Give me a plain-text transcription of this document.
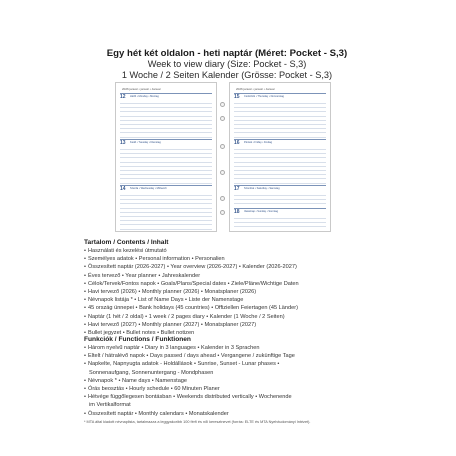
Egy hét két oldalon - heti naptár (Méret: Pocket - S,3)
Week to view diary (Size: Pocket - S,3)
1 Woche / 2 Seiten Kalender (Grösse: Pocket - S,3)
2026 január • január • Januar
12 Hétfő • Monday • Montag
13 Kedd • Tuesday • Dienstag
14 Szerda • Wednesday • Mittwoch
2026 január • január • Januar
15 Csütörtök • Thursday • Donnerstag
16 Péntek • Friday • Freitag
17 Szombat • Saturday • Samstag
18 Vasárnap • Sunday • Sonntag
Tartalom / Contents / Inhalt
• Használati és kezelési útmutató
• Személyes adatok • Personal information • Personalien
• Összesített naptár (2026-2027) • Year overview (2026-2027) • Kalender (2026-2027)
• Éves tervező • Year planner • Jahreskalender
• Célok/Tervek/Fontos napok • Goals/Plans/Special dates • Ziele/Pläne/Wichtige Daten
• Havi tervező (2026) • Monthly planner (2026) • Monatsplaner (2026)
• Névnapok listája * • List of Name Days • Liste der Namenstage
• 45 ország ünnepei • Bank holidays (45 countries) • Offiziellen Feiertagen (45 Länder)
• Naptár (1 hét / 2 oldal) • 1 week / 2 pages diary • Kalender (1 Woche / 2 Seiten)
• Havi tervező (2027) • Monthly planner (2027) • Monatsplaner (2027)
• Bullet jegyzet • Bullet notes • Bullet notizen
Funkciók / Functions / Funktionen
• Három nyelvű naptár • Diary in 3 languages • Kalender in 3 Sprachen
• Eltelt / hátralévő napok • Days passed / days ahead • Vergangene / zukünftige Tage
• Napkelte, Napnyugta adatok - Holdállások • Sunrise, Sunset - Lunar phases •
Sonnenaufgang, Sonnenuntergang - Mondphasen
• Névnapok * • Name days • Namenstage
• Órás beosztás • Hourly schedule • 60 Minuten Planer
• Hétvége függőlegesen bontásban • Weekends distributed vertically • Wochenende
im Vertikalformat
• Összesített naptár • Monthly calendars • Monatskalender
* MTA által kiadott névnaplista, tartalmazza a leggyakoribb 100 férfi és női keresztnevet (forrás: ELTE és MTA Nyelvtudományi Intézet).
